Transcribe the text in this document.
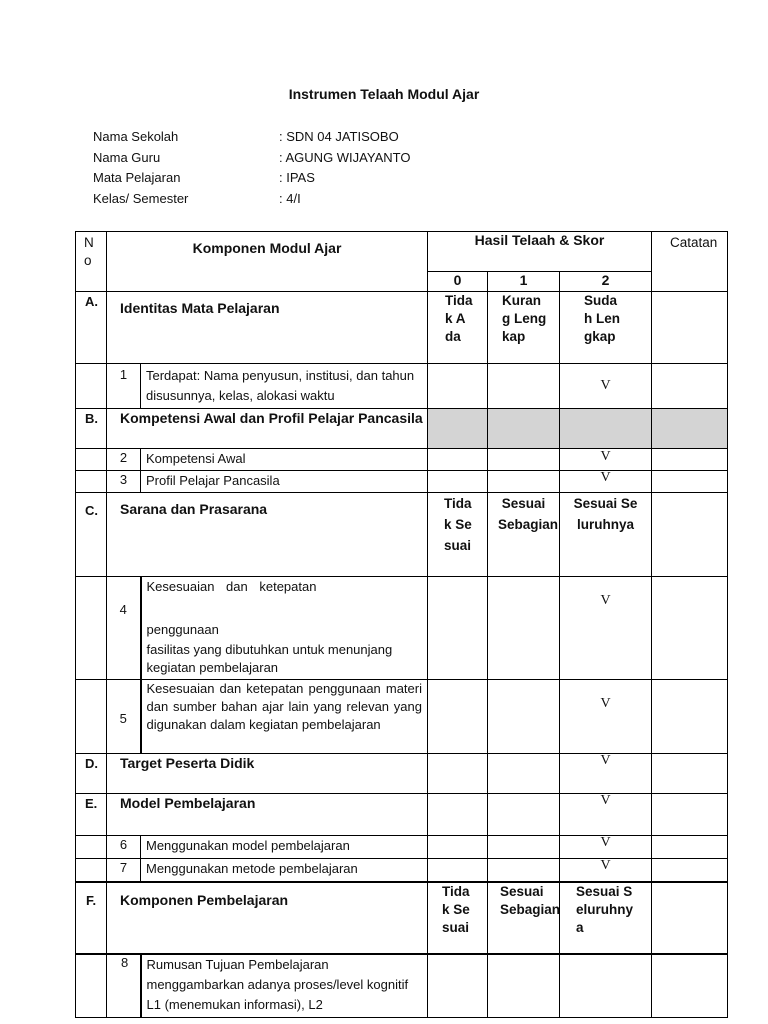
Instrumen Telaah Modul Ajar
Nama Sekolah	: SDN 04 JATISOBO
Nama Guru	: AGUNG WIJAYANTO
Mata Pelajaran	: IPAS
Kelas/ Semester	: 4/I
No	Komponen Modul Ajar		Hasil Telaah & Skor			Catatan
			0	1	2	
A.	Identitas Mata Pelajaran		Tidak Ada	Kurang Lengkap	Sudah Lengkap	
	1	Terdapat: Nama penyusun, institusi, dan tahun disusunnya, kelas, alokasi waktu			V	
B.	Kompetensi Awal dan Profil Pelajar Pancasila					
	2	Kompetensi Awal			V	
	3	Profil Pelajar Pancasila			V	
C.	Sarana dan Prasarana		Tidak Sesuai	Sesuai Sebagian	Sesuai Seluruhnya	
	4	Kesesuaian dan ketepatan
penggunaan
fasilitas yang dibutuhkan untuk menunjang kegiatan pembelajaran			V	
	5	Kesesuaian dan ketepatan penggunaan materi dan sumber bahan ajar lain yang relevan yang digunakan dalam kegiatan pembelajaran			V	
D.	Target Peserta Didik				V	
E.	Model Pembelajaran				V	
	6	Menggunakan model pembelajaran			V	
	7	Menggunakan metode pembelajaran			V	
F.	Komponen Pembelajaran		Tidak Sesuai	Sesuai Sebagian	Sesuai Seluruhnya	
	8	Rumusan Tujuan Pembelajaran menggambarkan adanya proses/level kognitif L1 (menemukan informasi), L2				
